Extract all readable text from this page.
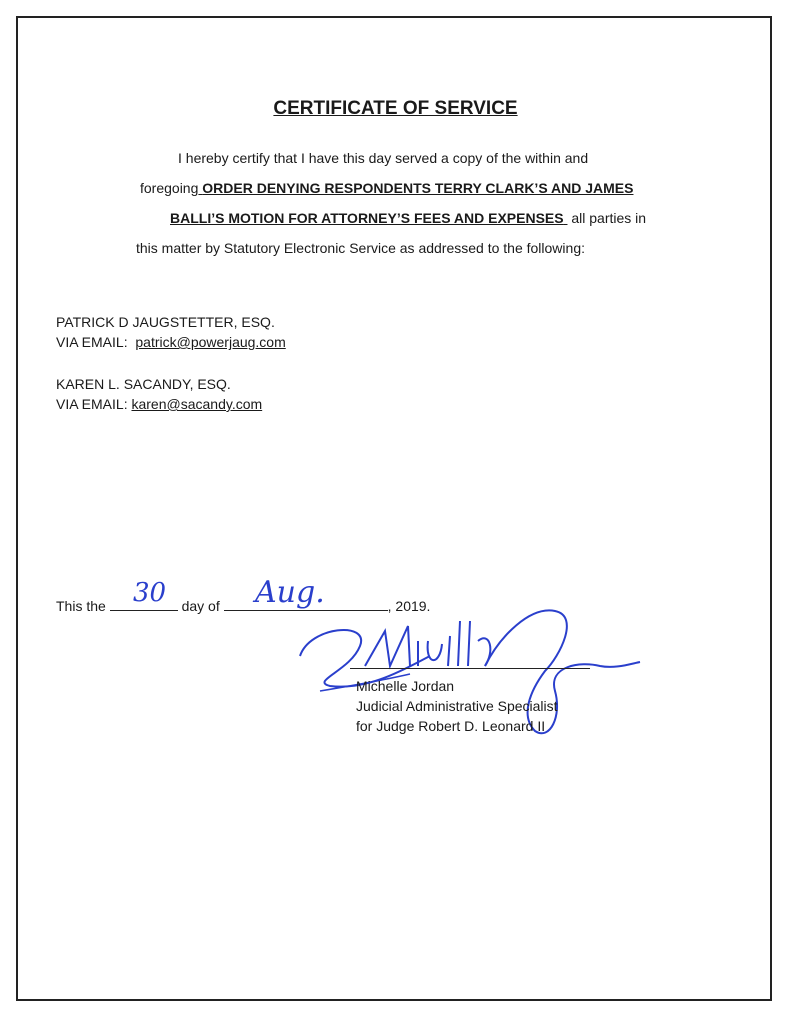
CERTIFICATE OF SERVICE
I hereby certify that I have this day served a copy of the within and
foregoing ORDER DENYING RESPONDENTS TERRY CLARK’S AND JAMES
BALLI’S MOTION FOR ATTORNEY’S FEES AND EXPENSES all parties in
this matter by Statutory Electronic Service as addressed to the following:
PATRICK D JAUGSTETTER, ESQ.
VIA EMAIL: patrick@powerjaug.com
KAREN L. SACANDY, ESQ.
VIA EMAIL: karen@sacandy.com
This the	day of	, 2019.
30	Aug.
Michelle Jordan
Judicial Administrative Specialist
for Judge Robert D. Leonard II
